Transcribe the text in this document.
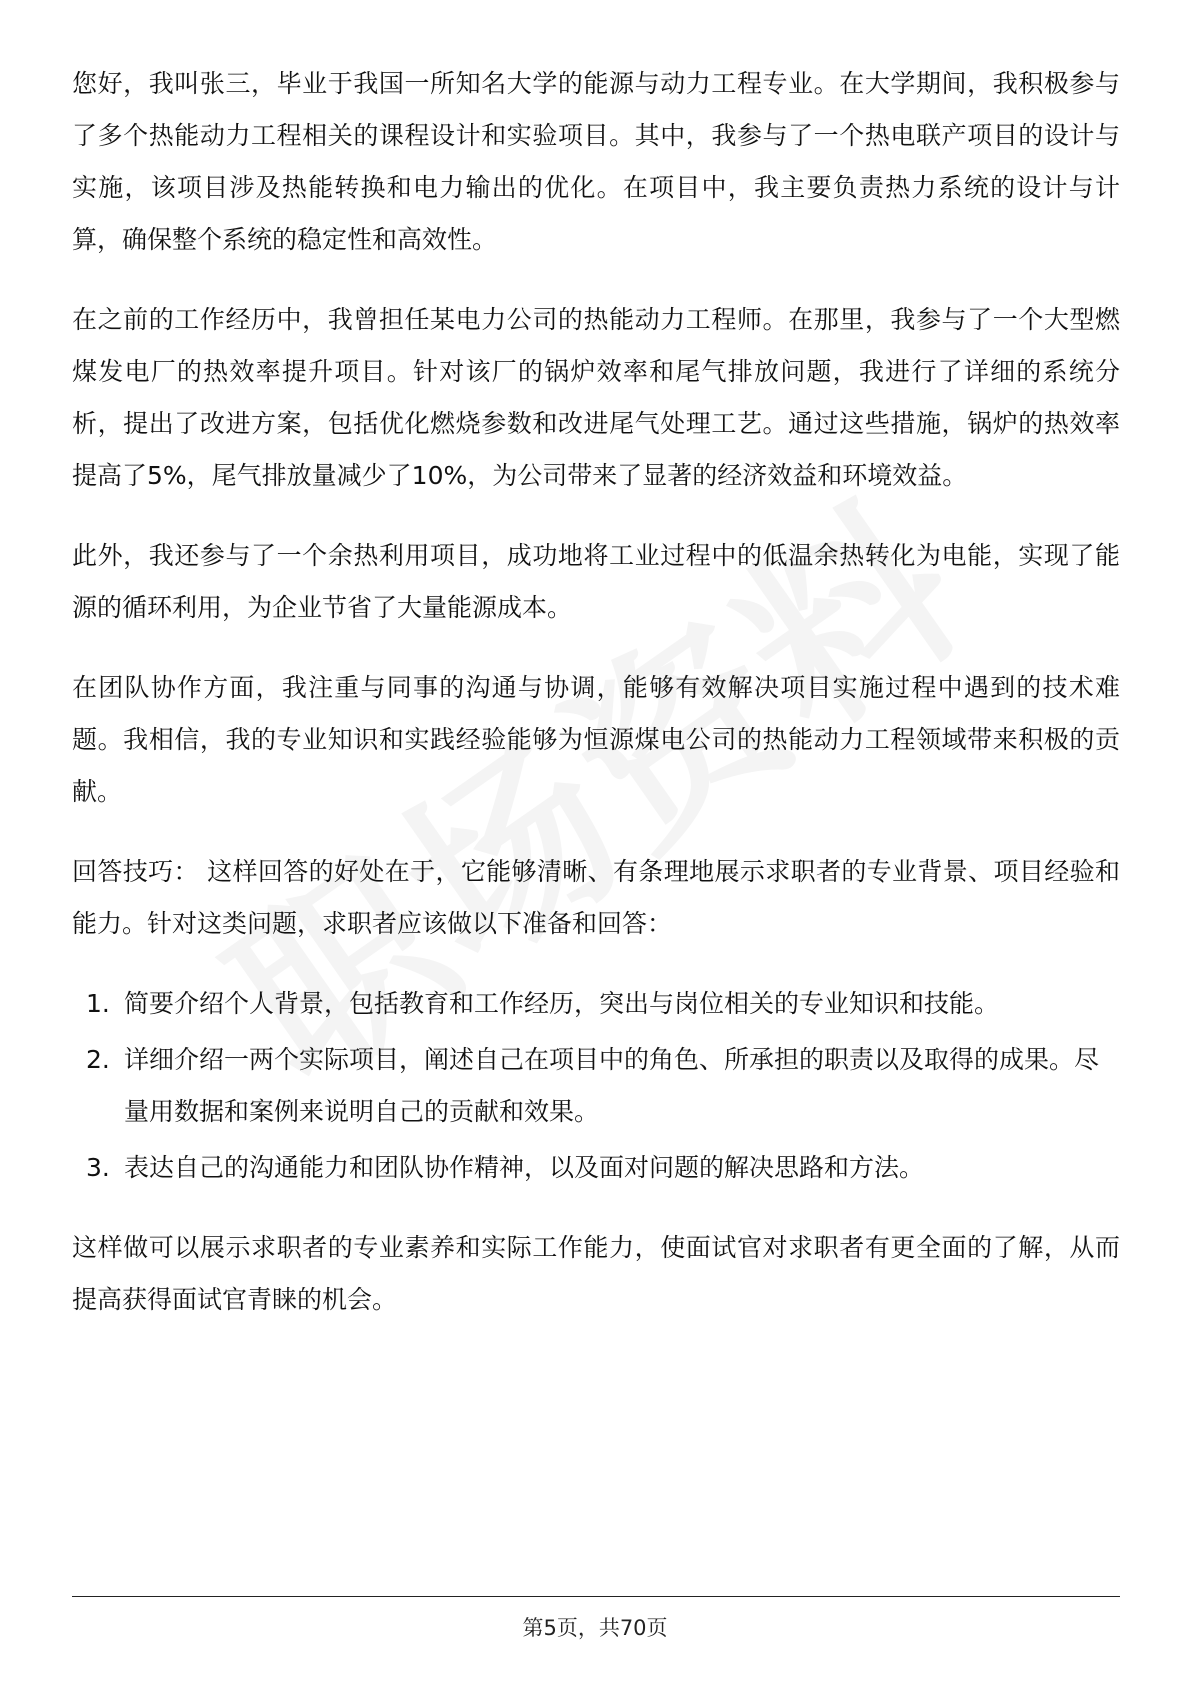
您好，我叫张三，毕业于我国一所知名大学的能源与动力工程专业。在大学期间，我积极参与了多个热能动力工程相关的课程设计和实验项目。其中，我参与了一个热电联产项目的设计与实施，该项目涉及热能转换和电力输出的优化。在项目中，我主要负责热力系统的设计与计算，确保整个系统的稳定性和高效性。

在之前的工作经历中，我曾担任某电力公司的热能动力工程师。在那里，我参与了一个大型燃煤发电厂的热效率提升项目。针对该厂的锅炉效率和尾气排放问题，我进行了详细的系统分析，提出了改进方案，包括优化燃烧参数和改进尾气处理工艺。通过这些措施，锅炉的热效率提高了5%，尾气排放量减少了10%，为公司带来了显著的经济效益和环境效益。

此外，我还参与了一个余热利用项目，成功地将工业过程中的低温余热转化为电能，实现了能源的循环利用，为企业节省了大量能源成本。

在团队协作方面，我注重与同事的沟通与协调，能够有效解决项目实施过程中遇到的技术难题。我相信，我的专业知识和实践经验能够为恒源煤电公司的热能动力工程领域带来积极的贡献。

回答技巧： 这样回答的好处在于，它能够清晰、有条理地展示求职者的专业背景、项目经验和能力。针对这类问题，求职者应该做以下准备和回答：

1. 简要介绍个人背景，包括教育和工作经历，突出与岗位相关的专业知识和技能。
2. 详细介绍一两个实际项目，阐述自己在项目中的角色、所承担的职责以及取得的成果。尽量用数据和案例来说明自己的贡献和效果。
3. 表达自己的沟通能力和团队协作精神，以及面对问题的解决思路和方法。

这样做可以展示求职者的专业素养和实际工作能力，使面试官对求职者有更全面的了解，从而提高获得面试官青睐的机会。

第5页，共70页
